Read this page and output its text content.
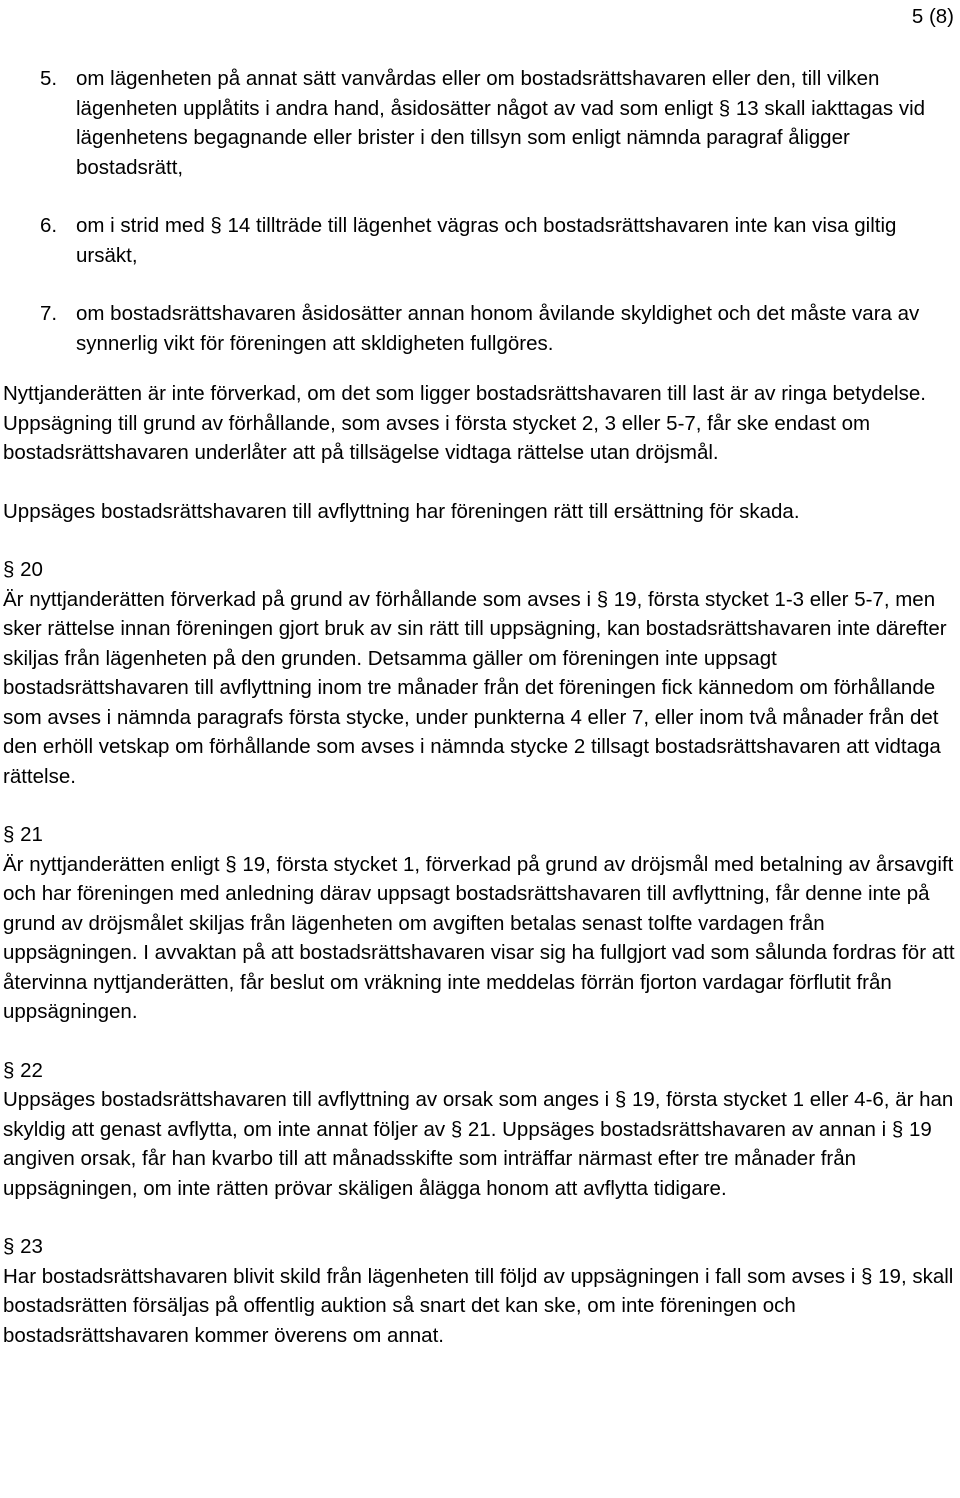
5 (8)
5. om lägenheten på annat sätt vanvårdas eller om bostadsrättshavaren eller den, till vilken lägenheten upplåtits i andra hand, åsidosätter något av vad som enligt § 13 skall iakttagas vid lägenhetens begagnande eller brister i den tillsyn som enligt nämnda paragraf åligger bostadsrätt,
6. om i strid med § 14 tillträde till lägenhet vägras och bostadsrättshavaren inte kan visa giltig ursäkt,
7. om bostadsrättshavaren åsidosätter annan honom åvilande skyldighet och det måste vara av synnerlig vikt för föreningen att skldigheten fullgöres.

Nyttjanderätten är inte förverkad, om det som ligger bostadsrättshavaren till last är av ringa betydelse. Uppsägning till grund av förhållande, som avses i första stycket 2, 3 eller 5-7, får ske endast om bostadsrättshavaren underlåter att på tillsägelse vidtaga rättelse utan dröjsmål.

Uppsäges bostadsrättshavaren till avflyttning har föreningen rätt till ersättning för skada.

§ 20

Är nyttjanderätten förverkad på grund av förhållande som avses i § 19, första stycket 1-3 eller 5-7, men sker rättelse innan föreningen gjort bruk av sin rätt till uppsägning, kan bostadsrättshavaren inte därefter skiljas från lägenheten på den grunden. Detsamma gäller om föreningen inte uppsagt bostadsrättshavaren till avflyttning inom tre månader från det föreningen fick kännedom om förhållande som avses i nämnda paragrafs första stycke, under punkterna 4 eller 7, eller inom två månader från det den erhöll vetskap om förhållande som avses i nämnda stycke 2 tillsagt bostadsrättshavaren att vidtaga rättelse.

§ 21

Är nyttjanderätten enligt § 19, första stycket 1, förverkad på grund av dröjsmål med betalning av årsavgift och har föreningen med anledning därav uppsagt bostadsrättshavaren till avflyttning, får denne inte på grund av dröjsmålet skiljas från lägenheten om avgiften betalas senast tolfte vardagen från uppsägningen. I avvaktan på att bostadsrättshavaren visar sig ha fullgjort vad som sålunda fordras för att återvinna nyttjanderätten, får beslut om vräkning inte meddelas förrän fjorton vardagar förflutit från uppsägningen.

§ 22

Uppsäges bostadsrättshavaren till avflyttning av orsak som anges i § 19, första stycket 1 eller 4-6, är han skyldig att genast avflytta, om inte annat följer av § 21. Uppsäges bostadsrättshavaren av annan i § 19 angiven orsak, får han kvarbo till att månadsskifte som inträffar närmast efter tre månader från uppsägningen, om inte rätten prövar skäligen ålägga honom att avflytta tidigare.

§ 23

Har bostadsrättshavaren blivit skild från lägenheten till följd av uppsägningen i fall som avses i § 19, skall bostadsrätten försäljas på offentlig auktion så snart det kan ske, om inte föreningen och bostadsrättshavaren kommer överens om annat.
